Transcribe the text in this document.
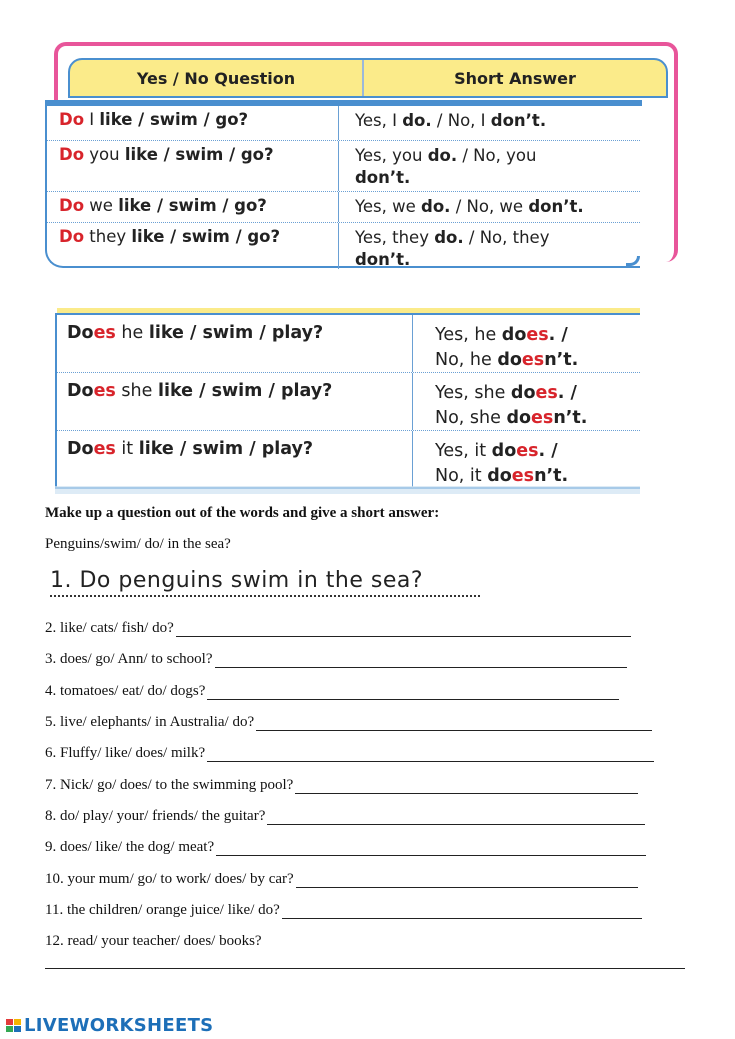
Yes / No Question	Short Answer
Do I like / swim / go?	Yes, I do. / No, I don’t.
Do you like / swim / go?	Yes, you do. / No, you
don’t.
Do we like / swim / go?	Yes, we do. / No, we don’t.
Do they like / swim / go?	Yes, they do. / No, they
don’t.
Does he like / swim / play?	Yes, he does. /
No, he doesn’t.
Does she like / swim / play?	Yes, she does. /
No, she doesn’t.
Does it like / swim / play?	Yes, it does. /
No, it doesn’t.
Make up a question out of the words and give a short answer:
Penguins/swim/ do/ in the sea?
1. Do penguins swim in the sea?
2. like/ cats/ fish/ do?
3. does/ go/ Ann/ to school?
4. tomatoes/ eat/ do/ dogs?
5. live/ elephants/ in Australia/ do?
6. Fluffy/ like/ does/ milk?
7. Nick/ go/ does/ to the swimming pool?
8. do/ play/ your/ friends/ the guitar?
9. does/ like/ the dog/ meat?
10. your mum/ go/ to work/ does/ by car?
11. the children/ orange juice/ like/ do?
12. read/ your teacher/ does/ books?
LIVEWORKSHEETS
